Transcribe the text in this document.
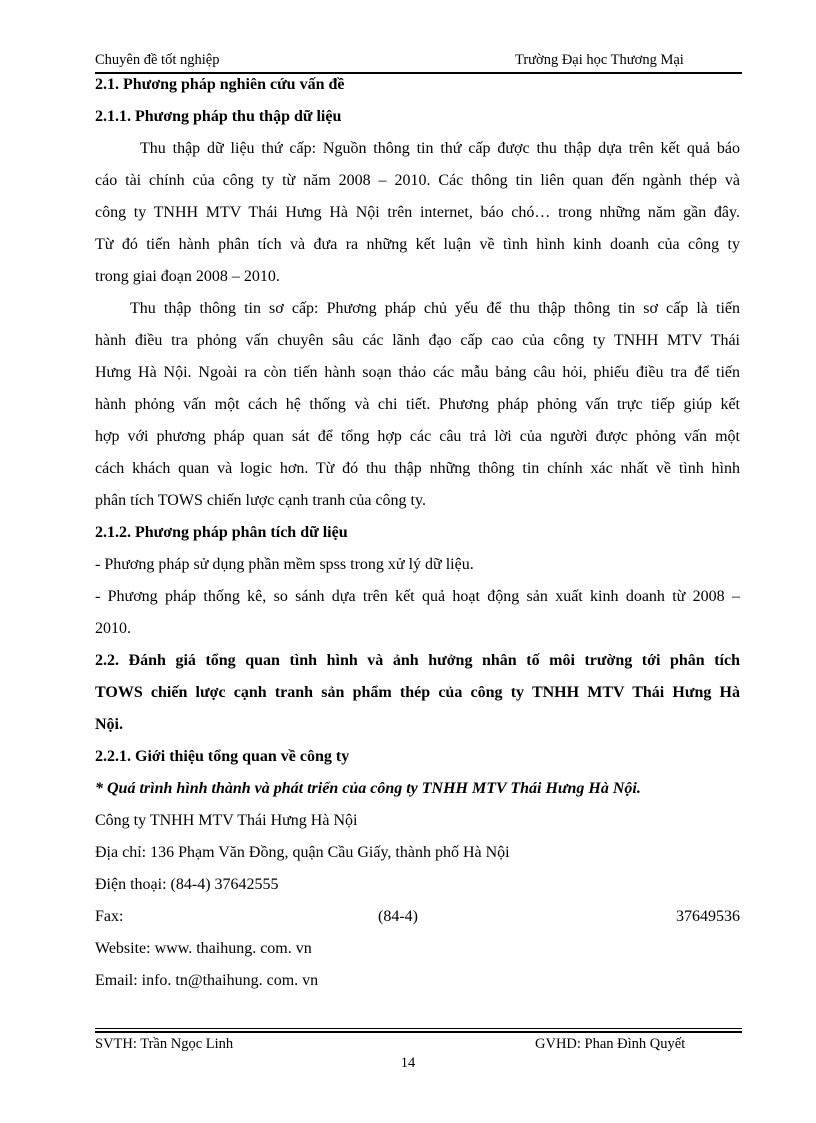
Chuyên đề tốt nghiệp	Trường Đại học Thương Mại
2.1. Phương pháp nghiên cứu vấn đề
2.1.1. Phương pháp thu thập dữ liệu
Thu thập dữ liệu thứ cấp: Nguồn thông tin thứ cấp được thu thập dựa trên kết quả báo
cáo tài chính của công ty từ năm 2008 – 2010. Các thông tin liên quan đến ngành thép và
công ty TNHH MTV Thái Hưng Hà Nội trên internet, báo chó… trong những năm gần đây.
Từ đó tiến hành phân tích và đưa ra những kết luận về tình hình kinh doanh của công ty
trong giai đoạn 2008 – 2010.
Thu thập thông tin sơ cấp: Phương pháp chủ yếu để thu thập thông tin sơ cấp là tiến
hành điều tra phỏng vấn chuyên sâu các lãnh đạo cấp cao của công ty TNHH MTV Thái
Hưng Hà Nội. Ngoài ra còn tiến hành soạn thảo các mẫu bảng câu hỏi, phiếu điều tra để tiến
hành phỏng vấn một cách hệ thống và chi tiết. Phương pháp phỏng vấn trực tiếp giúp kết
hợp với phương pháp quan sát để tổng hợp các câu trả lời của người được phỏng vấn một
cách khách quan và logic hơn. Từ đó thu thập những thông tin chính xác nhất về tình hình
phân tích TOWS chiến lược cạnh tranh của công ty.
2.1.2. Phương pháp phân tích dữ liệu
- Phương pháp sử dụng phần mềm spss trong xử lý dữ liệu.
- Phương pháp thống kê, so sánh dựa trên kết quả hoạt động sản xuất kinh doanh từ 2008 –
2010.
2.2. Đánh giá tổng quan tình hình và ảnh hưởng nhân tố môi trường tới phân tích
TOWS chiến lược cạnh tranh sản phẩm thép của công ty TNHH MTV Thái Hưng Hà
Nội.
2.2.1. Giới thiệu tổng quan về công ty
* Quá trình hình thành và phát triển của công ty TNHH MTV Thái Hưng Hà Nội.
Công ty TNHH MTV Thái Hưng Hà Nội
Địa chỉ: 136 Phạm Văn Đồng, quận Cầu Giấy, thành phố Hà Nội
Điện thoại: (84-4) 37642555
Fax:	(84-4)	37649536
Website: www. thaihung. com. vn
Email: info. tn@thaihung. com. vn
SVTH: Trần Ngọc Linh	GVHD: Phan Đình Quyết
14
